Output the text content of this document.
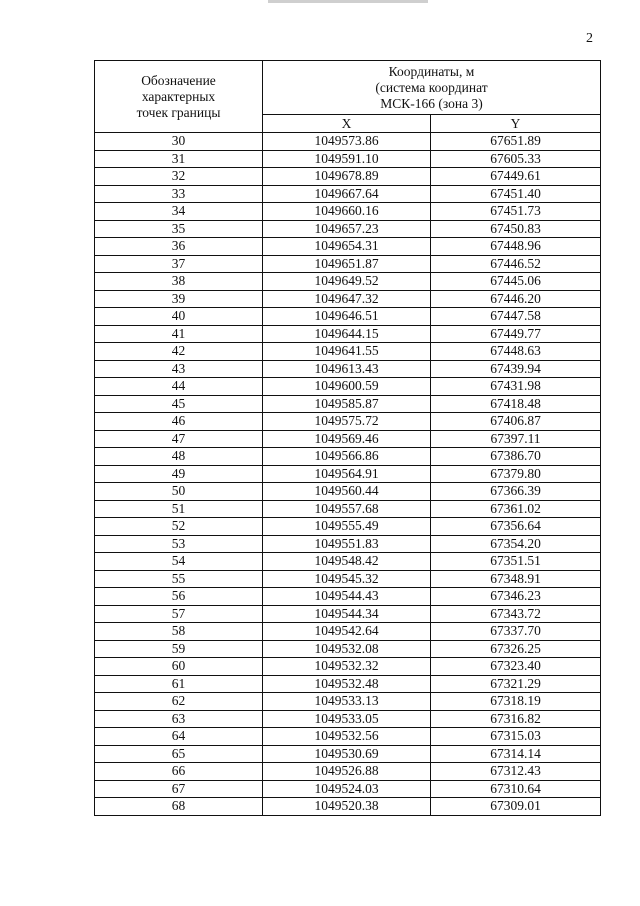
2
Обозначение
характерных
точек границы	Координаты, м
(система координат
МСК-166 (зона 3)	

	X	Y
30	1049573.86	67651.89
31	1049591.10	67605.33
32	1049678.89	67449.61
33	1049667.64	67451.40
34	1049660.16	67451.73
35	1049657.23	67450.83
36	1049654.31	67448.96
37	1049651.87	67446.52
38	1049649.52	67445.06
39	1049647.32	67446.20
40	1049646.51	67447.58
41	1049644.15	67449.77
42	1049641.55	67448.63
43	1049613.43	67439.94
44	1049600.59	67431.98
45	1049585.87	67418.48
46	1049575.72	67406.87
47	1049569.46	67397.11
48	1049566.86	67386.70
49	1049564.91	67379.80
50	1049560.44	67366.39
51	1049557.68	67361.02
52	1049555.49	67356.64
53	1049551.83	67354.20
54	1049548.42	67351.51
55	1049545.32	67348.91
56	1049544.43	67346.23
57	1049544.34	67343.72
58	1049542.64	67337.70
59	1049532.08	67326.25
60	1049532.32	67323.40
61	1049532.48	67321.29
62	1049533.13	67318.19
63	1049533.05	67316.82
64	1049532.56	67315.03
65	1049530.69	67314.14
66	1049526.88	67312.43
67	1049524.03	67310.64
68	1049520.38	67309.01
